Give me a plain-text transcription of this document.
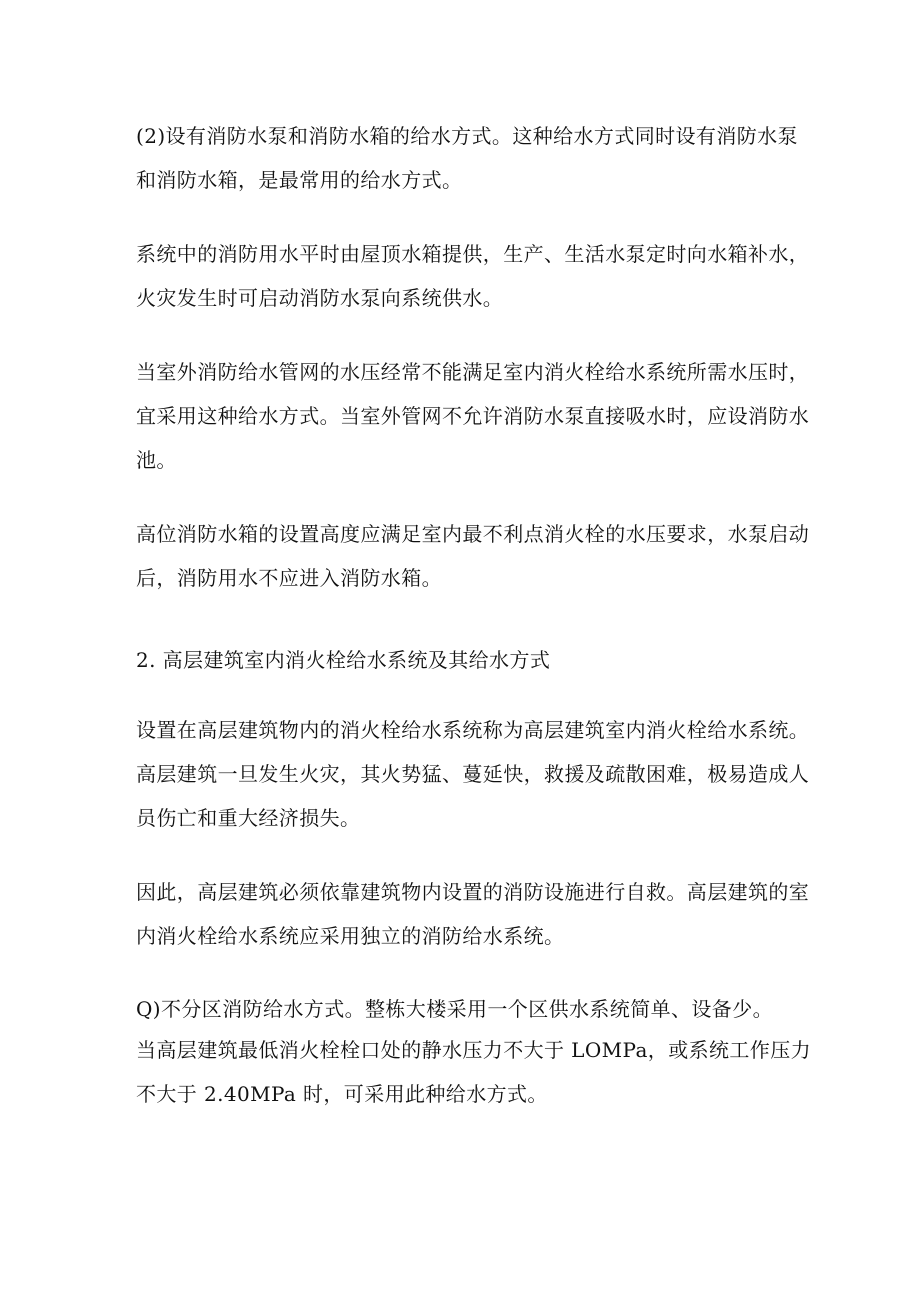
(2)设有消防水泵和消防水箱的给水方式。这种给水方式同时设有消防水泵
和消防水箱，是最常用的给水方式。

系统中的消防用水平时由屋顶水箱提供，生产、生活水泵定时向水箱补水，
火灾发生时可启动消防水泵向系统供水。

当室外消防给水管网的水压经常不能满足室内消火栓给水系统所需水压时，
宜采用这种给水方式。当室外管网不允许消防水泵直接吸水时，应设消防水
池。

高位消防水箱的设置高度应满足室内最不利点消火栓的水压要求，水泵启动
后，消防用水不应进入消防水箱。

2. 高层建筑室内消火栓给水系统及其给水方式

设置在高层建筑物内的消火栓给水系统称为高层建筑室内消火栓给水系统。
高层建筑一旦发生火灾，其火势猛、蔓延快，救援及疏散困难，极易造成人
员伤亡和重大经济损失。

因此，高层建筑必须依靠建筑物内设置的消防设施进行自救。高层建筑的室
内消火栓给水系统应采用独立的消防给水系统。

Q)不分区消防给水方式。整栋大楼采用一个区供水系统简单、设备少。
当高层建筑最低消火栓栓口处的静水压力不大于 LOMPa，或系统工作压力
不大于 2.40MPa 时，可采用此种给水方式。
